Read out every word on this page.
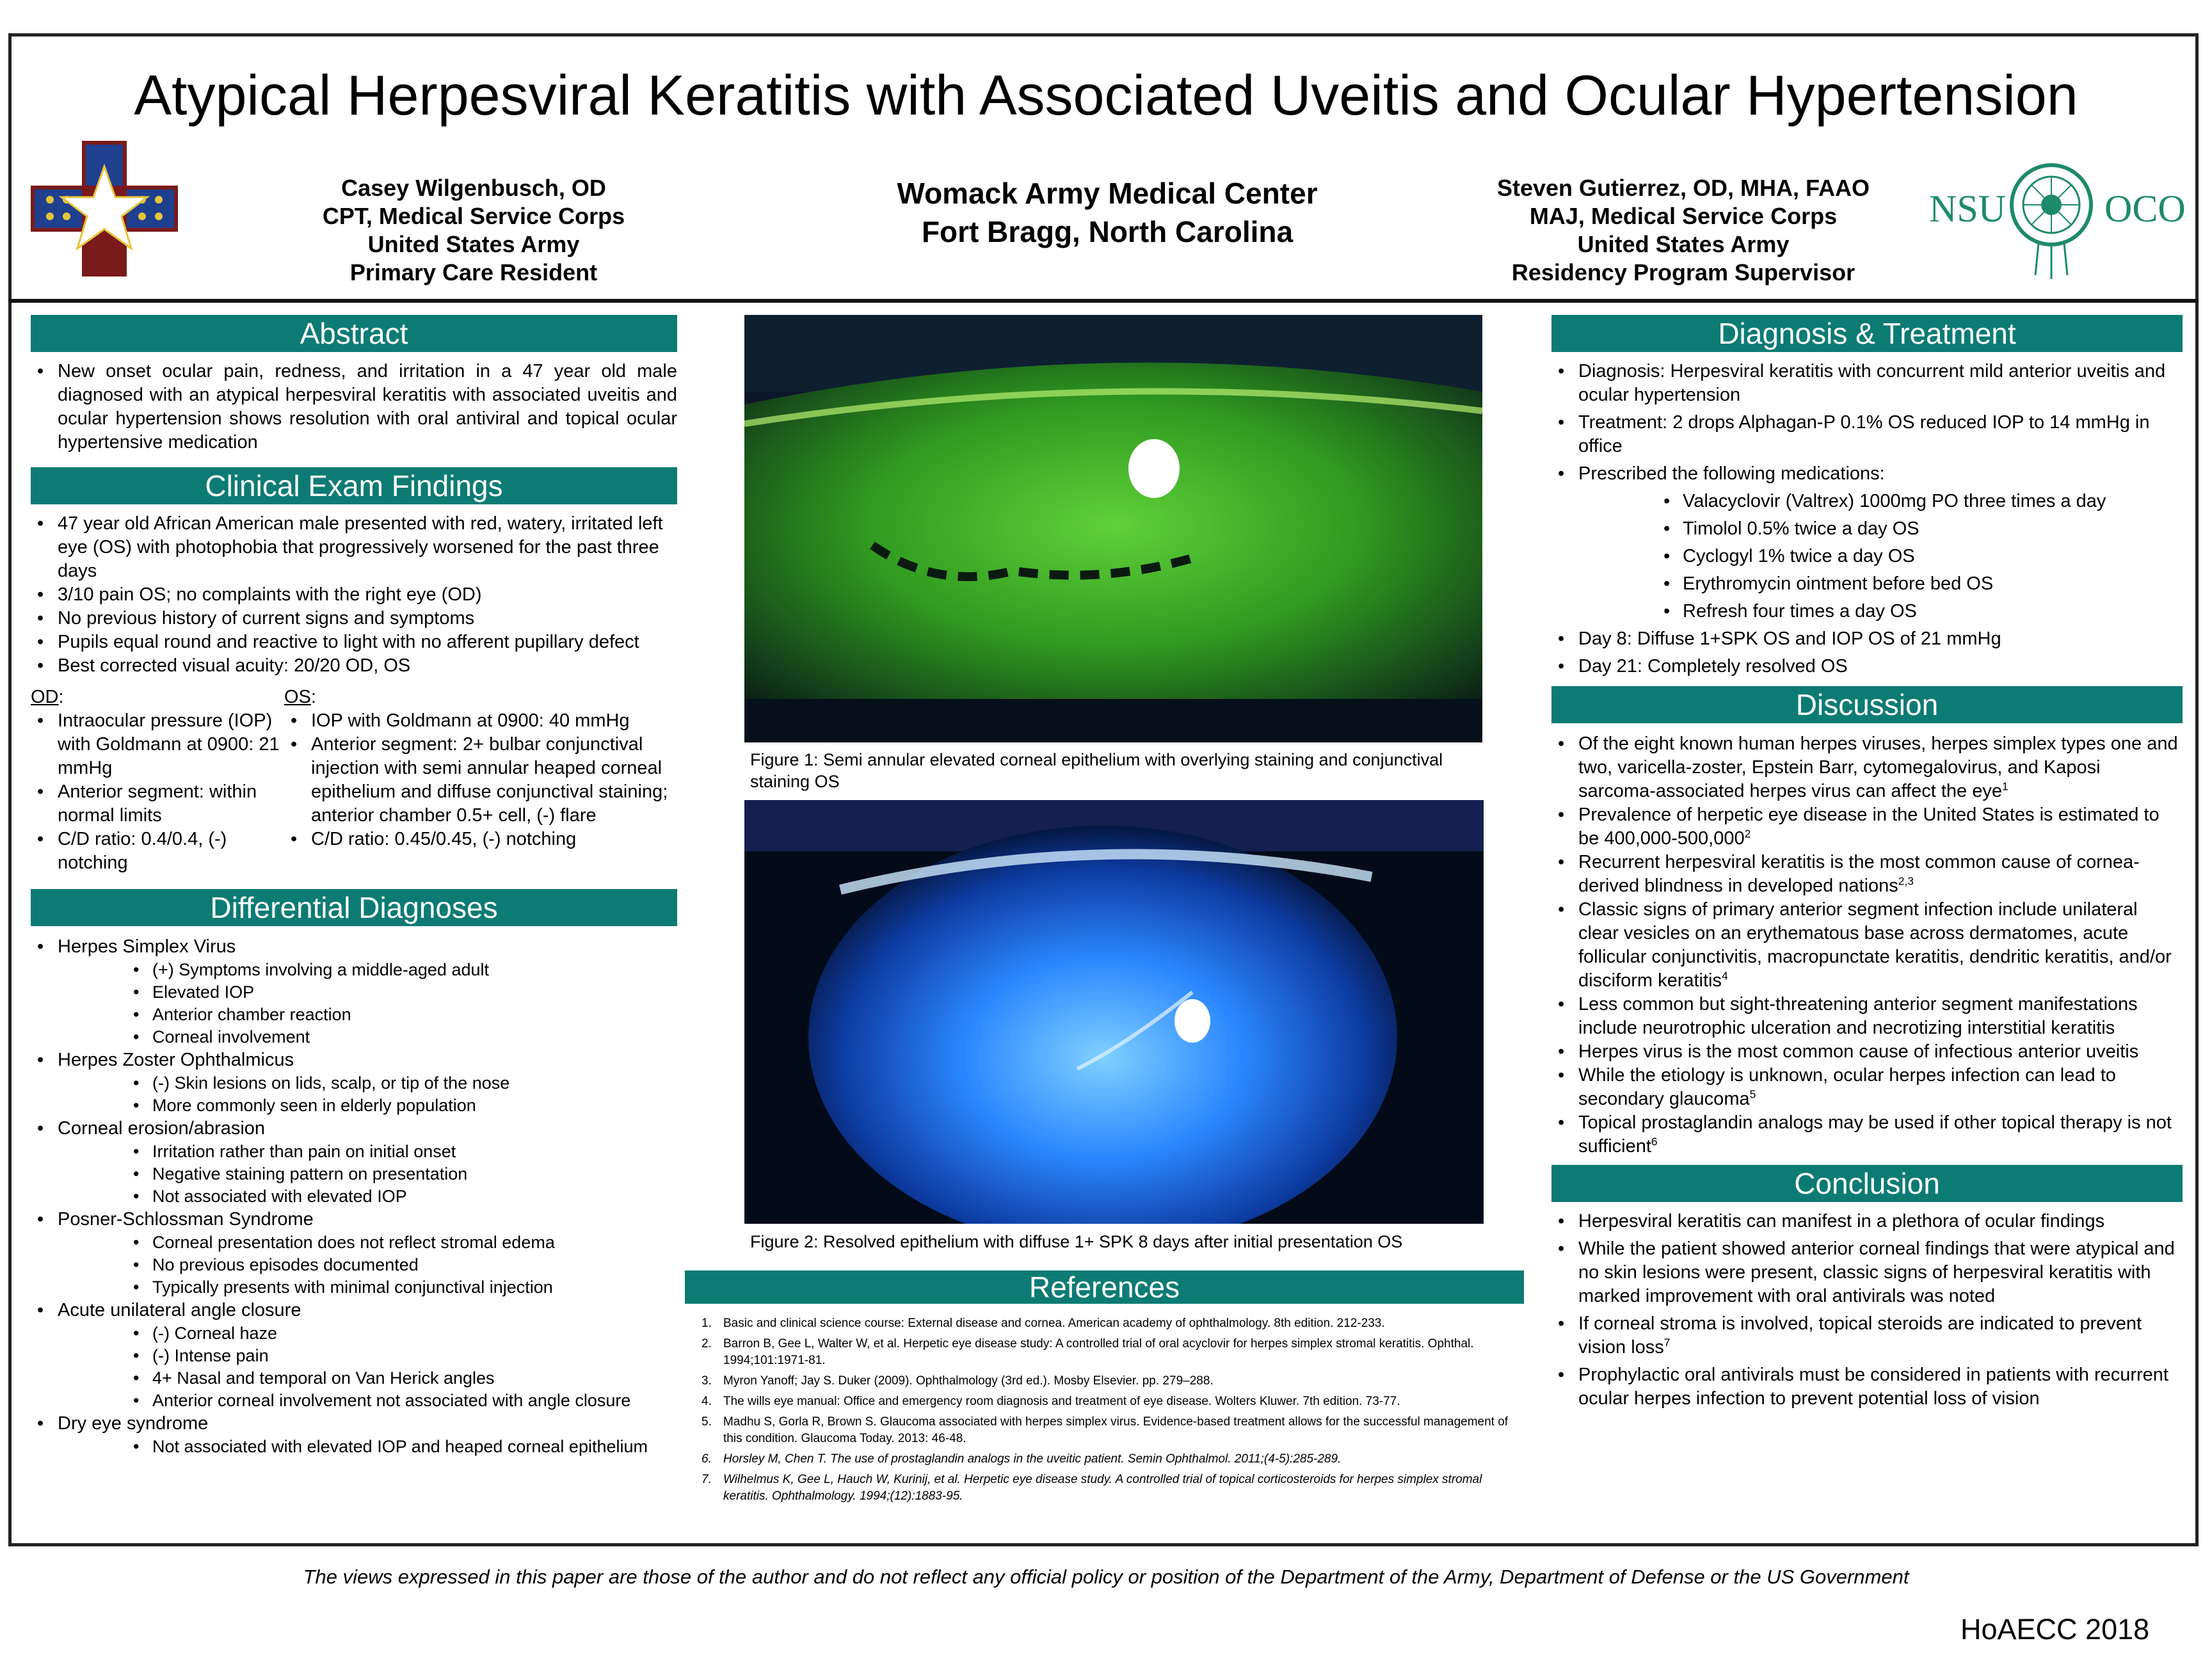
Atypical Herpesviral Keratitis with Associated Uveitis and Ocular Hypertension
Casey Wilgenbusch, OD
CPT, Medical Service Corps
United States Army
Primary Care Resident
Womack Army Medical Center
Fort Bragg, North Carolina
Steven Gutierrez, OD, MHA, FAAO
MAJ, Medical Service Corps
United States Army
Residency Program Supervisor
NSU	OCO
Abstract
• New onset ocular pain, redness, and irritation in a 47 year old male diagnosed with an atypical herpesviral keratitis with associated uveitis and ocular hypertension shows resolution with oral antiviral and topical ocular hypertensive medication
Clinical Exam Findings
• 47 year old African American male presented with red, watery, irritated left eye (OS) with photophobia that progressively worsened for the past three days
• 3/10 pain OS; no complaints with the right eye (OD)
• No previous history of current signs and symptoms
• Pupils equal round and reactive to light with no afferent pupillary defect
• Best corrected visual acuity: 20/20 OD, OS
OD:
• Intraocular pressure (IOP) with Goldmann at 0900: 21 mmHg
• Anterior segment: within normal limits
• C/D ratio: 0.4/0.4, (-) notching
OS:
• IOP with Goldmann at 0900: 40 mmHg
• Anterior segment: 2+ bulbar conjunctival injection with semi annular heaped corneal epithelium and diffuse conjunctival staining; anterior chamber 0.5+ cell, (-) flare
• C/D ratio: 0.45/0.45, (-) notching
Differential Diagnoses
• Herpes Simplex Virus
• (+) Symptoms involving a middle-aged adult
• Elevated IOP
• Anterior chamber reaction
• Corneal involvement
• Herpes Zoster Ophthalmicus
• (-) Skin lesions on lids, scalp, or tip of the nose
• More commonly seen in elderly population
• Corneal erosion/abrasion
• Irritation rather than pain on initial onset
• Negative staining pattern on presentation
• Not associated with elevated IOP
• Posner-Schlossman Syndrome
• Corneal presentation does not reflect stromal edema
• No previous episodes documented
• Typically presents with minimal conjunctival injection
• Acute unilateral angle closure
• (-) Corneal haze
• (-) Intense pain
• 4+ Nasal and temporal on Van Herick angles
• Anterior corneal involvement not associated with angle closure
• Dry eye syndrome
• Not associated with elevated IOP and heaped corneal epithelium
Figure 1: Semi annular elevated corneal epithelium with overlying staining and conjunctival staining OS
Figure 2: Resolved epithelium with diffuse 1+ SPK 8 days after initial presentation OS
References
1. Basic and clinical science course: External disease and cornea. American academy of ophthalmology. 8th edition. 212-233.
2. Barron B, Gee L, Walter W, et al. Herpetic eye disease study: A controlled trial of oral acyclovir for herpes simplex stromal keratitis. Ophthal. 1994;101:1971-81.
3. Myron Yanoff; Jay S. Duker (2009). Ophthalmology (3rd ed.). Mosby Elsevier. pp. 279–288.
4. The wills eye manual: Office and emergency room diagnosis and treatment of eye disease. Wolters Kluwer. 7th edition. 73-77.
5. Madhu S, Gorla R, Brown S. Glaucoma associated with herpes simplex virus. Evidence-based treatment allows for the successful management of this condition. Glaucoma Today. 2013: 46-48.
6. Horsley M, Chen T. The use of prostaglandin analogs in the uveitic patient. Semin Ophthalmol. 2011;(4-5):285-289.
7. Wilhelmus K, Gee L, Hauch W, Kurinij, et al. Herpetic eye disease study. A controlled trial of topical corticosteroids for herpes simplex stromal keratitis. Ophthalmology. 1994;(12):1883-95.
Diagnosis & Treatment
• Diagnosis: Herpesviral keratitis with concurrent mild anterior uveitis and ocular hypertension
• Treatment: 2 drops Alphagan-P 0.1% OS reduced IOP to 14 mmHg in office
• Prescribed the following medications:
• Valacyclovir (Valtrex) 1000mg PO three times a day
• Timolol 0.5% twice a day OS
• Cyclogyl 1% twice a day OS
• Erythromycin ointment before bed OS
• Refresh four times a day OS
• Day 8: Diffuse 1+SPK OS and IOP OS of 21 mmHg
• Day 21: Completely resolved OS
Discussion
• Of the eight known human herpes viruses, herpes simplex types one and two, varicella-zoster, Epstein Barr, cytomegalovirus, and Kaposi sarcoma-associated herpes virus can affect the eye$^1$
• Prevalence of herpetic eye disease in the United States is estimated to be 400,000-500,000$^2$
• Recurrent herpesviral keratitis is the most common cause of cornea-derived blindness in developed nations$^{2,3}$
• Classic signs of primary anterior segment infection include unilateral clear vesicles on an erythematous base across dermatomes, acute follicular conjunctivitis, macropunctate keratitis, dendritic keratitis, and/or disciform keratitis$^4$
• Less common but sight-threatening anterior segment manifestations include neurotrophic ulceration and necrotizing interstitial keratitis
• Herpes virus is the most common cause of infectious anterior uveitis
• While the etiology is unknown, ocular herpes infection can lead to secondary glaucoma$^5$
• Topical prostaglandin analogs may be used if other topical therapy is not sufficient$^6$
Conclusion
• Herpesviral keratitis can manifest in a plethora of ocular findings
• While the patient showed anterior corneal findings that were atypical and no skin lesions were present, classic signs of herpesviral keratitis with marked improvement with oral antivirals was noted
• If corneal stroma is involved, topical steroids are indicated to prevent vision loss$^7$
• Prophylactic oral antivirals must be considered in patients with recurrent ocular herpes infection to prevent potential loss of vision
The views expressed in this paper are those of the author and do not reflect any official policy or position of the Department of the Army, Department of Defense or the US Government
HoAECC 2018
